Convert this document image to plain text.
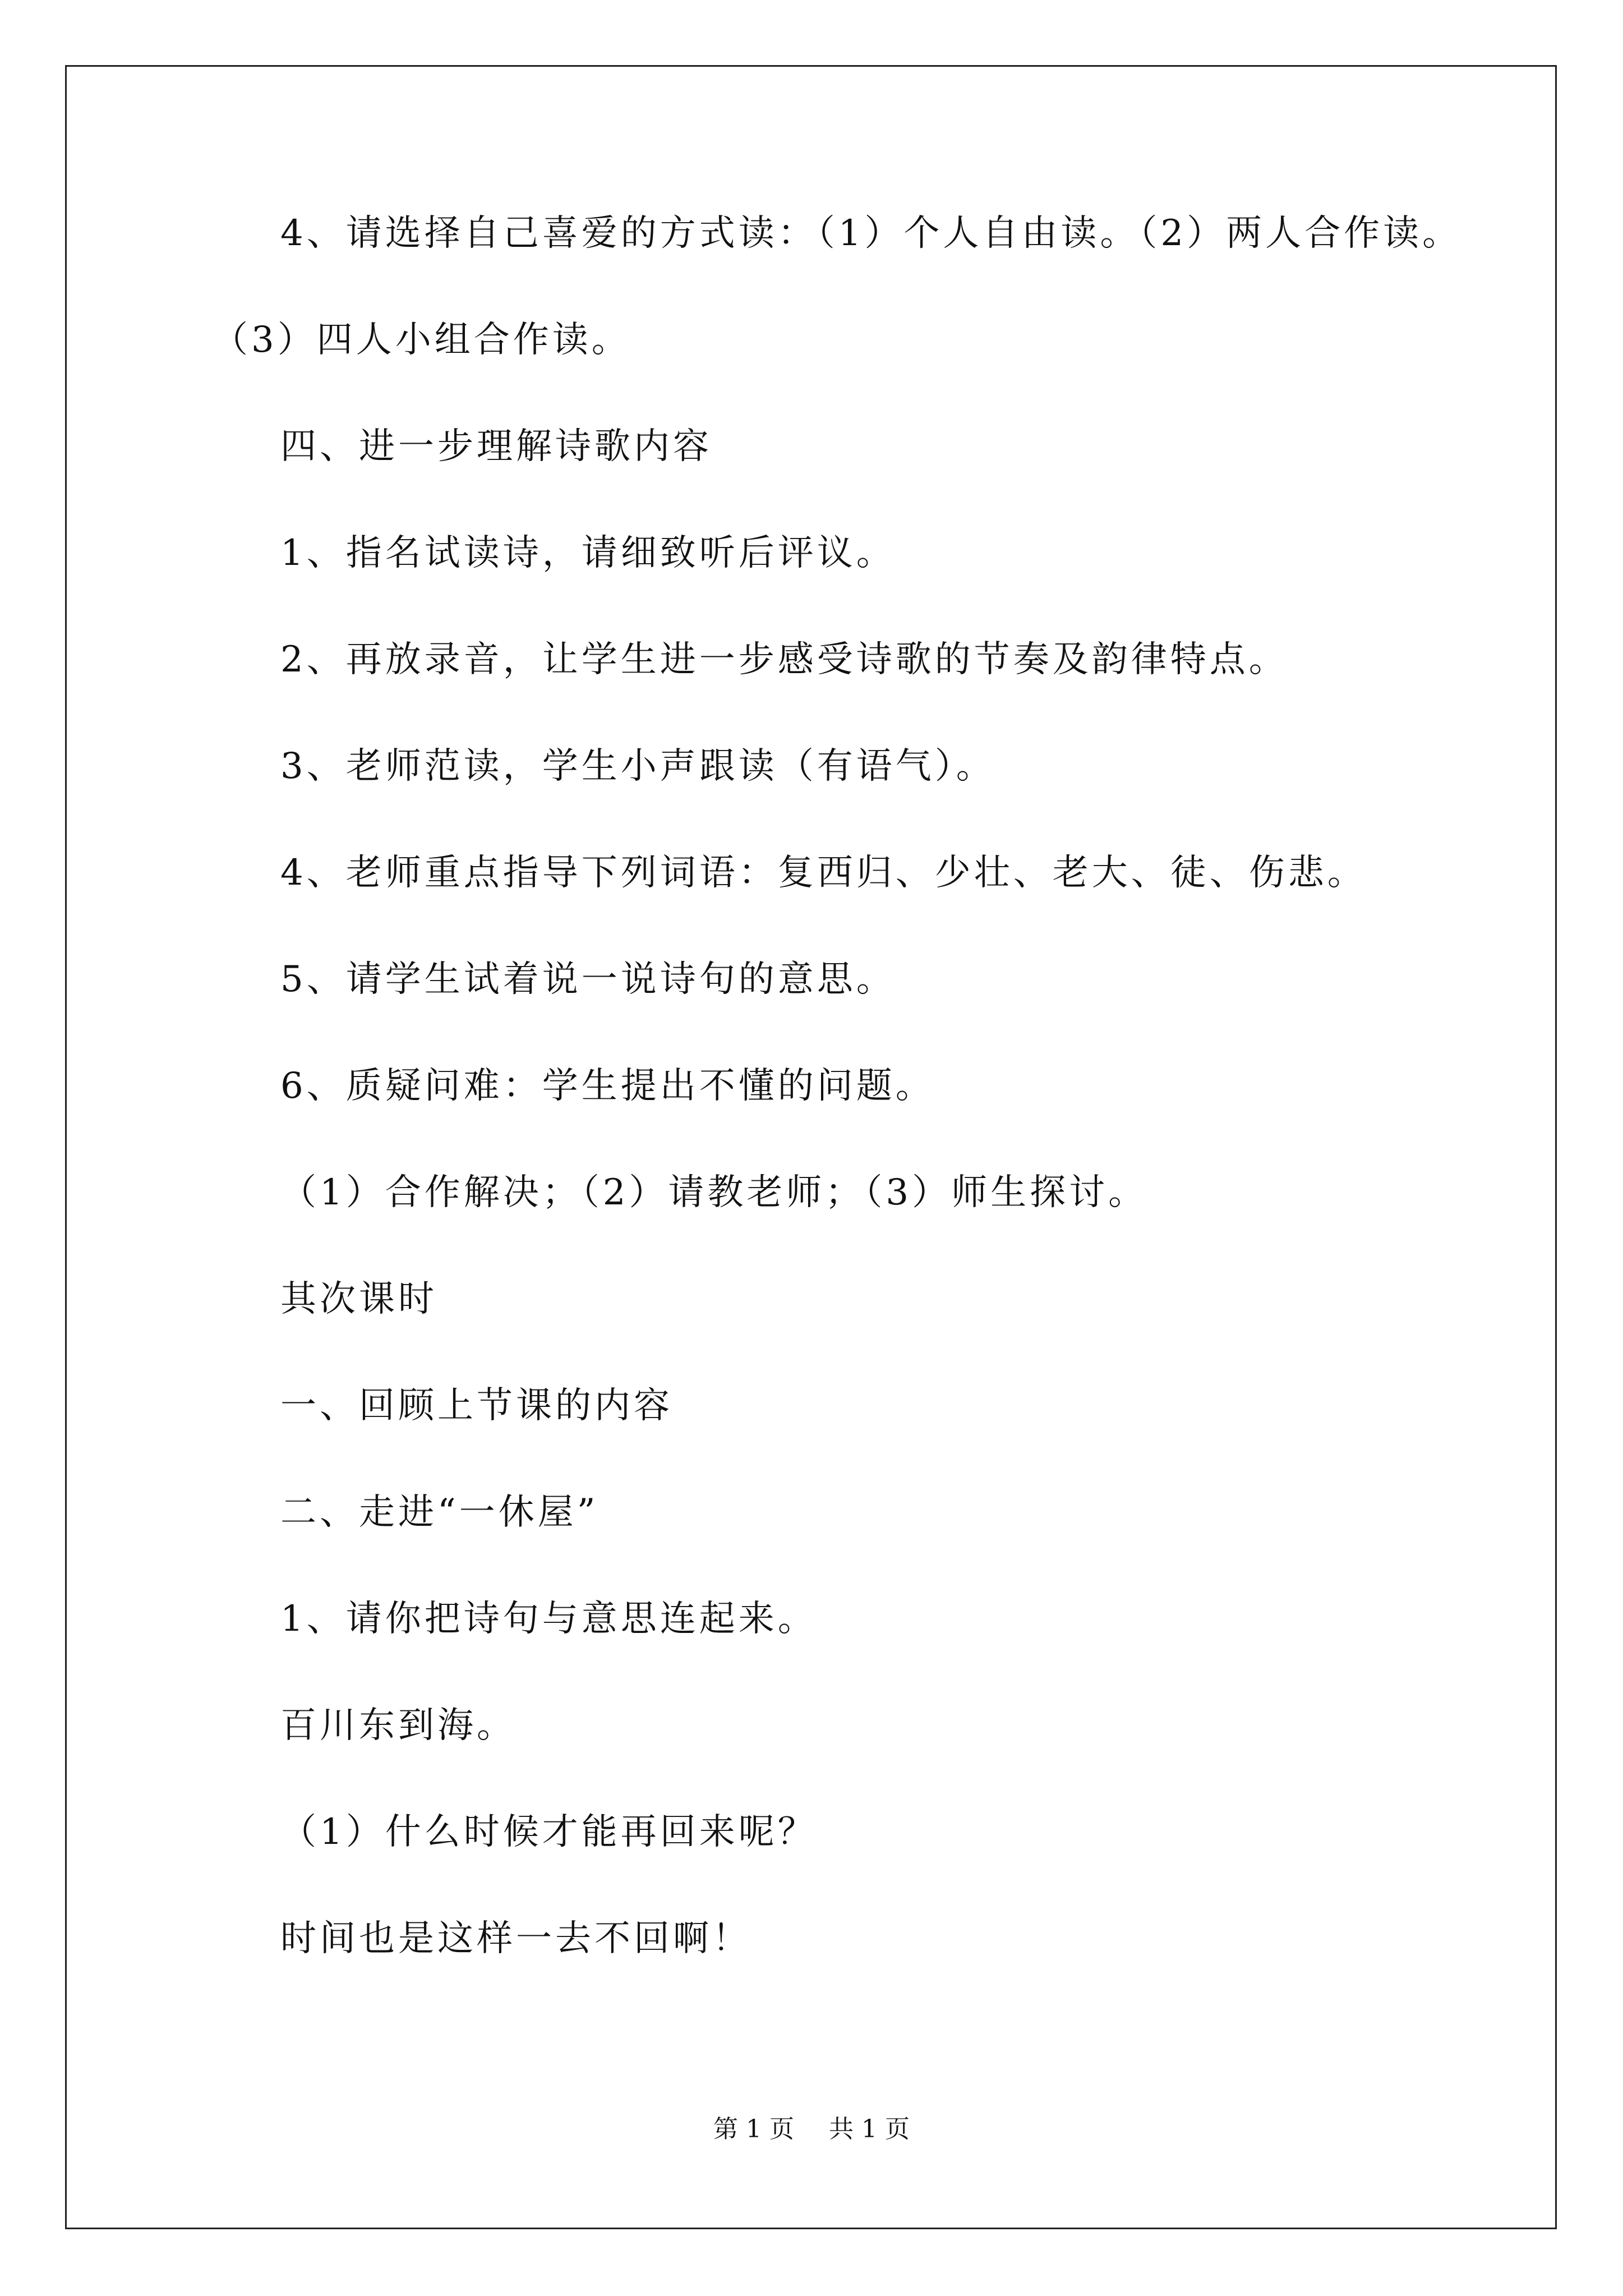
4、请选择自己喜爱的方式读：（1）个人自由读。（2）两人合作读。
（3）四人小组合作读。
四、进一步理解诗歌内容
1、指名试读诗，请细致听后评议。
2、再放录音，让学生进一步感受诗歌的节奏及韵律特点。
3、老师范读，学生小声跟读（有语气）。
4、老师重点指导下列词语：复西归、少壮、老大、徒、伤悲。
5、请学生试着说一说诗句的意思。
6、质疑问难：学生提出不懂的问题。
（1）合作解决；（2）请教老师；（3）师生探讨。
其次课时
一、回顾上节课的内容
二、走进“一休屋”
1、请你把诗句与意思连起来。
百川东到海。
（1）什么时候才能再回来呢？
时间也是这样一去不回啊！
第 1 页 共 1 页
